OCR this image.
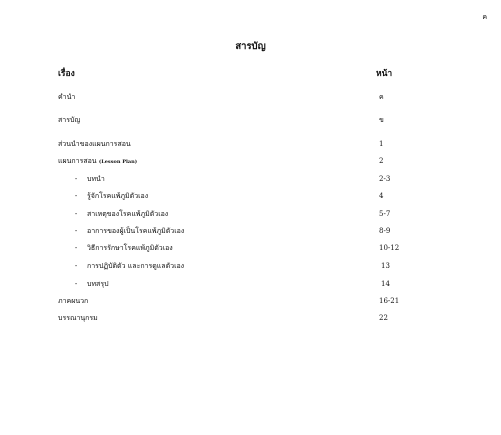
ค
สารบัญ
เรื่อง	หน้า
คำนำ	ค
สารบัญ	ข
ส่วนนำของแผนการสอน	1
แผนการสอน (Lesson Plan)	2
-	บทนำ	2-3
-	รู้จักโรคแพ้ภูมิตัวเอง	4
-	สาเหตุของโรคแพ้ภูมิตัวเอง	5-7
-	อาการของผู้เป็นโรคแพ้ภูมิตัวเอง	8-9
-	วิธีการรักษาโรคแพ้ภูมิตัวเอง	10-12
-	การปฏิบัติตัว และการดูแลตัวเอง	13
-	บทสรุป	14
ภาคผนวก	16-21
บรรณานุกรม	22
